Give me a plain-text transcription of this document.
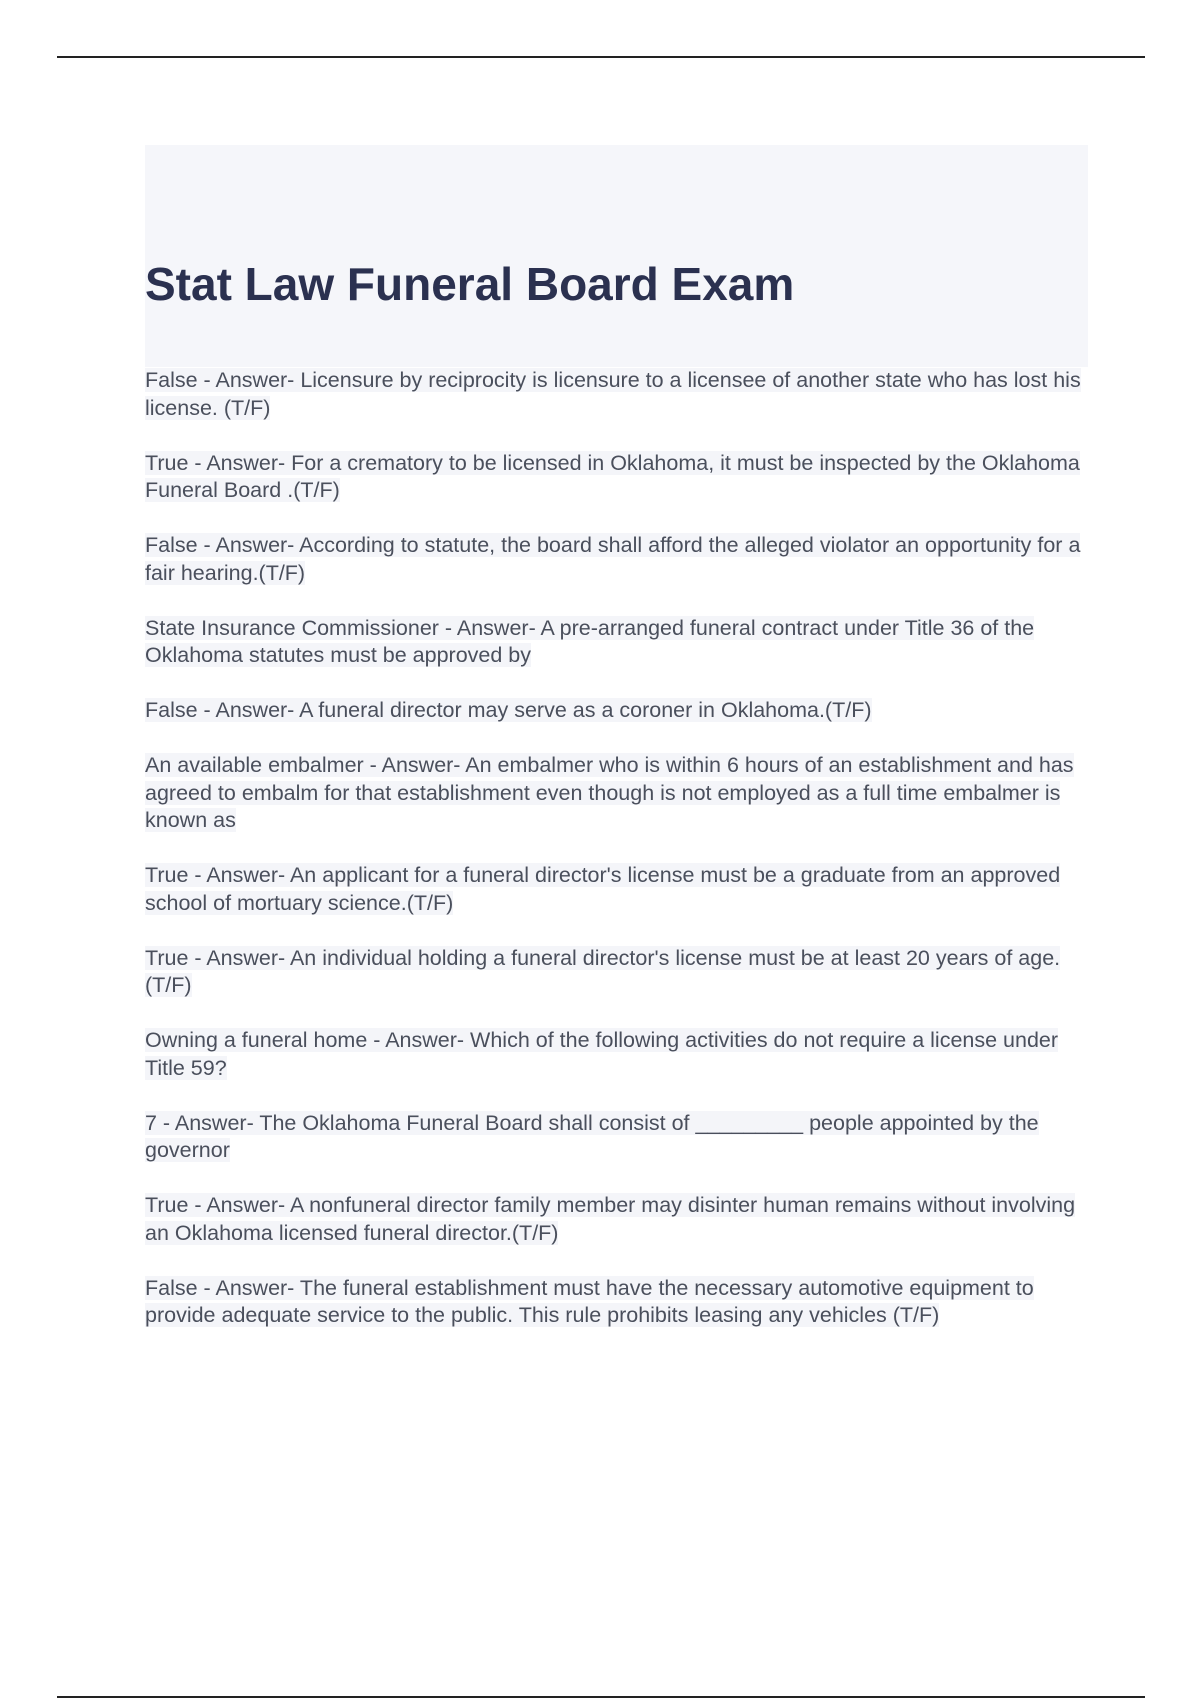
Stat Law Funeral Board Exam

False - Answer- Licensure by reciprocity is licensure to a licensee of another state who has lost his license. (T/F)

True - Answer- For a crematory to be licensed in Oklahoma, it must be inspected by the Oklahoma Funeral Board .(T/F)

False - Answer- According to statute, the board shall afford the alleged violator an opportunity for a fair hearing.(T/F)

State Insurance Commissioner - Answer- A pre-arranged funeral contract under Title 36 of the Oklahoma statutes must be approved by

False - Answer- A funeral director may serve as a coroner in Oklahoma.(T/F)

An available embalmer - Answer- An embalmer who is within 6 hours of an establishment and has agreed to embalm for that establishment even though is not employed as a full time embalmer is known as

True - Answer- An applicant for a funeral director's license must be a graduate from an approved school of mortuary science.(T/F)

True - Answer- An individual holding a funeral director's license must be at least 20 years of age.(T/F)

Owning a funeral home - Answer- Which of the following activities do not require a license under Title 59?

7 - Answer- The Oklahoma Funeral Board shall consist of _________ people appointed by the governor

True - Answer- A nonfuneral director family member may disinter human remains without involving an Oklahoma licensed funeral director.(T/F)

False - Answer- The funeral establishment must have the necessary automotive equipment to provide adequate service to the public. This rule prohibits leasing any vehicles (T/F)
